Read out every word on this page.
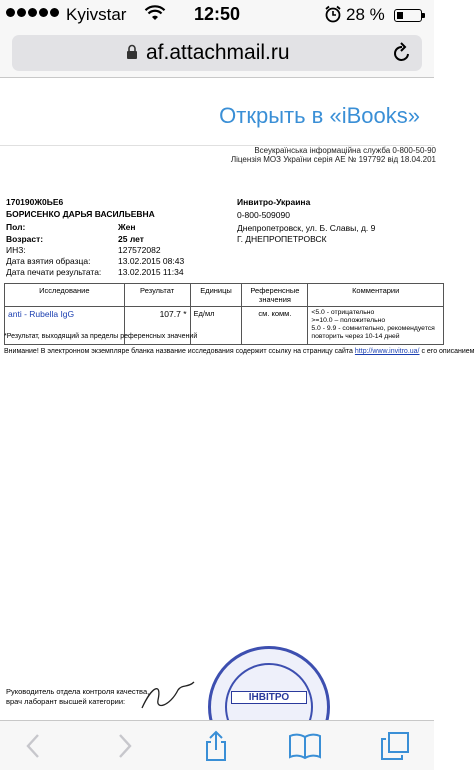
Kyivstar	12:50	28 %
af.attachmail.ru
Открыть в «iBooks»
Всеукраїнська інформаційна служба 0-800-50-90
Ліцензія МОЗ України серія АЕ № 197792 від 18.04.201
170190Ж0ЬЕ6
БОРИСЕНКО ДАРЬЯ ВАСИЛЬЕВНА
Пол:	Жен
Возраст:	25 лет
ИНЗ:	127572082
Дата взятия образца:	13.02.2015 08:43
Дата печати результата: 13.02.2015 11:34
Инвитро-Украина
0-800-509090
Днепропетровск, ул. Б. Славы, д. 9
Г. ДНЕПРОПЕТРОВСК
Исследование	Результат	Единицы	Референсные значения	Комментарии
anti - Rubella IgG	107.7 *	Ед/мл	см. комм.	<5.0 - отрицательно
>=10.0 – положительно
5.0 - 9.9 - сомнительно, рекомендуется повторить через 10-14 дней
*Результат, выходящий за пределы референсных значений
Внимание! В электронном экземпляре бланка название исследования содержит ссылку на страницу сайта http://www.invitro.ua/ с его описанием
ІНВІТРО
Руководитель отдела контроля качества,
врач лаборант высшей категории:
